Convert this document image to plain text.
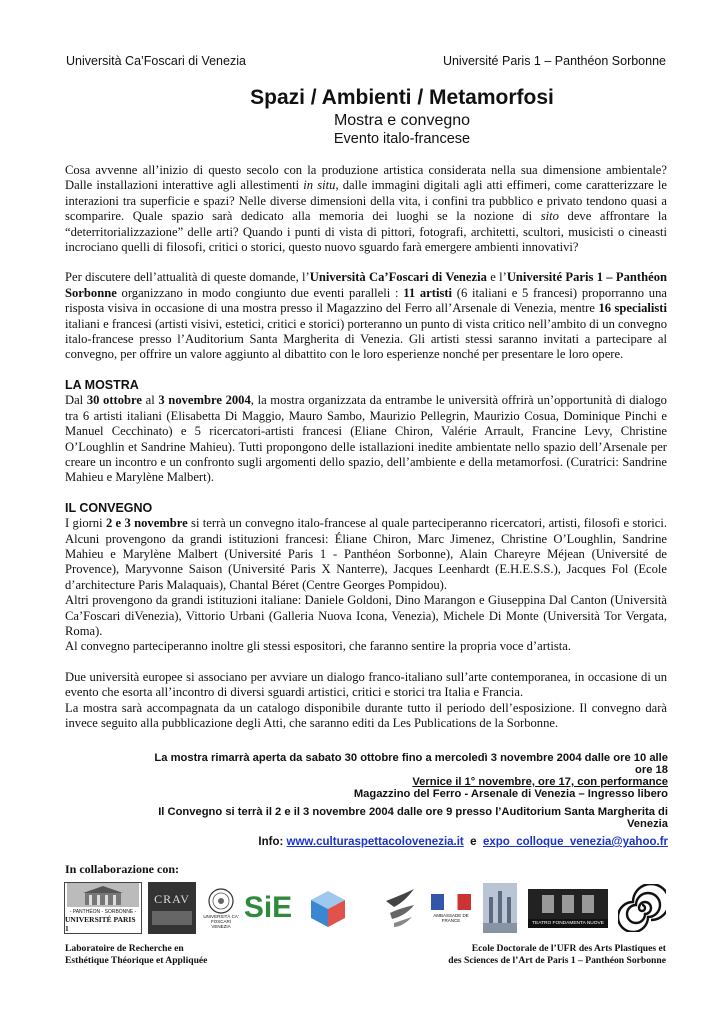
Università Ca’Foscari di Venezia	Université Paris 1 – Panthéon Sorbonne
Spazi / Ambienti / Metamorfosi
Mostra e convegno
Evento italo-francese

Cosa avvenne all’inizio di questo secolo con la produzione artistica considerata nella sua dimensione ambientale? Dalle installazioni interattive agli allestimenti in situ, dalle immagini digitali agli atti effimeri, come caratterizzare le interazioni tra superficie e spazi? Nelle diverse dimensioni della vita, i confini tra pubblico e privato tendono quasi a scomparire. Quale spazio sarà dedicato alla memoria dei luoghi se la nozione di sito deve affrontare la “deterritorializzazione” delle arti? Quando i punti di vista di pittori, fotografi, architetti, scultori, musicisti o cineasti incrociano quelli di filosofi, critici o storici, questo nuovo sguardo farà emergere ambienti innovativi?

Per discutere dell’attualità di queste domande, l’Università Ca’Foscari di Venezia e l’Université Paris 1 – Panthéon Sorbonne organizzano in modo congiunto due eventi paralleli : 11 artisti (6 italiani e 5 francesi) proporranno una risposta visiva in occasione di una mostra presso il Magazzino del Ferro all’Arsenale di Venezia, mentre 16 specialisti italiani e francesi (artisti visivi, estetici, critici e storici) porteranno un punto di vista critico nell’ambito di un convegno italo-francese presso l’Auditorium Santa Margherita di Venezia. Gli artisti stessi saranno invitati a partecipare al convegno, per offrire un valore aggiunto al dibattito con le loro esperienze nonché per presentare le loro opere.

LA MOSTRA

Dal 30 ottobre al 3 novembre 2004, la mostra organizzata da entrambe le università offrirà un’opportunità di dialogo tra 6 artisti italiani (Elisabetta Di Maggio, Mauro Sambo, Maurizio Pellegrin, Maurizio Cosua, Dominique Pinchi e Manuel Cecchinato) e 5 ricercatori-artisti francesi (Eliane Chiron, Valérie Arrault, Francine Levy, Christine O’Loughlin et Sandrine Mahieu). Tutti propongono delle istallazioni inedite ambientate nello spazio dell’Arsenale per creare un incontro e un confronto sugli argomenti dello spazio, dell’ambiente e della metamorfosi. (Curatrici: Sandrine Mahieu e Marylène Malbert).

IL CONVEGNO

I giorni 2 e 3 novembre si terrà un convegno italo-francese al quale parteciperanno ricercatori, artisti, filosofi e storici. Alcuni provengono da grandi istituzioni francesi: Éliane Chiron, Marc Jimenez, Christine O’Loughlin, Sandrine Mahieu e Marylène Malbert (Université Paris 1 - Panthéon Sorbonne), Alain Chareyre Méjean (Université de Provence), Maryvonne Saison (Université Paris X Nanterre), Jacques Leenhardt (E.H.E.S.S.), Jacques Fol (Ecole d’architecture Paris Malaquais), Chantal Béret (Centre Georges Pompidou).

Altri provengono da grandi istituzioni italiane: Daniele Goldoni, Dino Marangon e Giuseppina Dal Canton (Università Ca’Foscari diVenezia), Vittorio Urbani (Galleria Nuova Icona, Venezia), Michele Di Monte (Università Tor Vergata, Roma).

Al convegno parteciperanno inoltre gli stessi espositori, che faranno sentire la propria voce d’artista.

Due università europee si associano per avviare un dialogo franco-italiano sull’arte contemporanea, in occasione di un evento che esorta all’incontro di diversi sguardi artistici, critici e storici tra Italia e Francia.

La mostra sarà accompagnata da un catalogo disponibile durante tutto il periodo dell’esposizione. Il convegno darà invece seguito alla pubblicazione degli Atti, che saranno editi da Les Publications de la Sorbonne.

La mostra rimarrà aperta da sabato 30 ottobre fino a mercoledì 3 novembre 2004 dalle ore 10 alle ore 18
Vernice il 1° novembre, ore 17, con performance
Magazzino del Ferro - Arsenale di Venezia – Ingresso libero
Il Convegno si terrà il 2 e il 3 novembre 2004 dalle ore 9 presso l’Auditorium Santa Margherita di Venezia
Info: www.culturaspettacolovenezia.it e expo_colloque_venezia@yahoo.fr
In collaborazione con:
- PANTHÉON - SORBONNE -
UNIVERSITÉ PARIS 1
CRAV
UNIVERSITÀ CA' FOSCARI VENEZIA
SiE	AMBASSADE DE FRANCE
TEATRO FONDAMENTA NUOVE
Laboratoire de Recherche en
Esthétique Théorique et Appliquée
Ecole Doctorale de l’UFR des Arts Plastiques et
des Sciences de l’Art de Paris 1 – Panthéon Sorbonne
